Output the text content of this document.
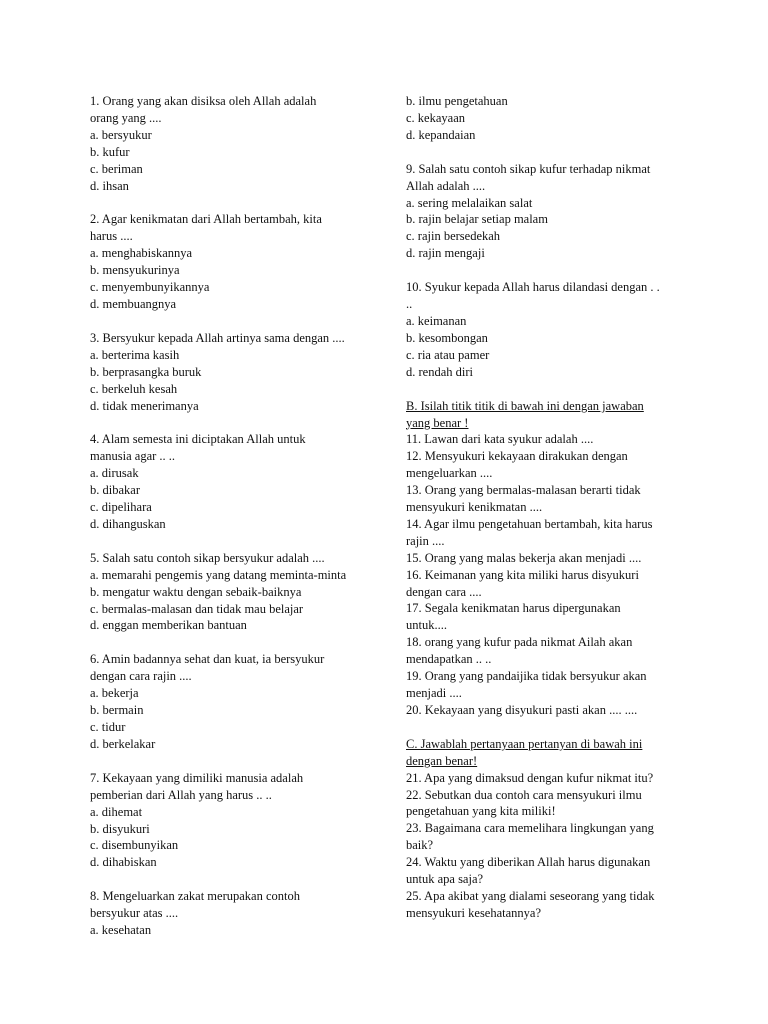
1. Orang yang akan disiksa oleh Allah adalah
orang yang ....
a. bersyukur
b. kufur
c. beriman
d. ihsan
2. Agar kenikmatan dari Allah bertambah, kita
harus ....
a. menghabiskannya
b. mensyukurinya
c. menyembunyikannya
d. membuangnya
3. Bersyukur kepada Allah artinya sama dengan ....
a. berterima kasih
b. berprasangka buruk
c. berkeluh kesah
d. tidak menerimanya
4. Alam semesta ini diciptakan Allah untuk
manusia agar .. ..
a. dirusak
b. dibakar
c. dipelihara
d. dihanguskan
5. Salah satu contoh sikap bersyukur adalah ....
a. memarahi pengemis yang datang meminta-minta
b. mengatur waktu dengan sebaik-baiknya
c. bermalas-malasan dan tidak mau belajar
d. enggan memberikan bantuan
6. Amin badannya sehat dan kuat, ia bersyukur
dengan cara rajin ....
a. bekerja
b. bermain
c. tidur
d. berkelakar
7. Kekayaan yang dimiliki manusia adalah
pemberian dari Allah yang harus .. ..
a. dihemat
b. disyukuri
c. disembunyikan
d. dihabiskan
8. Mengeluarkan zakat merupakan contoh
bersyukur atas ....
a. kesehatan
b. ilmu pengetahuan
c. kekayaan
d. kepandaian
9. Salah satu contoh sikap kufur terhadap nikmat
Allah adalah ....
a. sering melalaikan salat
b. rajin belajar setiap malam
c. rajin bersedekah
d. rajin mengaji
10. Syukur kepada Allah harus dilandasi dengan . .
..
a. keimanan
b. kesombongan
c. ria atau pamer
d. rendah diri
B. Isilah titik titik di bawah ini dengan jawaban
yang benar !
11. Lawan dari kata syukur adalah ....
12. Mensyukuri kekayaan dirakukan dengan
mengeluarkan ....
13. Orang yang bermalas-malasan berarti tidak
mensyukuri kenikmatan ....
14. Agar ilmu pengetahuan bertambah, kita harus
rajin ....
15. Orang yang malas bekerja akan menjadi ....
16. Keimanan yang kita miliki harus disyukuri
dengan cara ....
17. Segala kenikmatan harus dipergunakan
untuk....
18. orang yang kufur pada nikmat Ailah akan
mendapatkan .. ..
19. Orang yang pandaijika tidak bersyukur akan
menjadi ....
20. Kekayaan yang disyukuri pasti akan .... ....
C. Jawablah pertanyaan pertanyan di bawah ini
dengan benar!
21. Apa yang dimaksud dengan kufur nikmat itu?
22. Sebutkan dua contoh cara mensyukuri ilmu
pengetahuan yang kita miliki!
23. Bagaimana cara memelihara lingkungan yang
baik?
24. Waktu yang diberikan Allah harus digunakan
untuk apa saja?
25. Apa akibat yang dialami seseorang yang tidak
mensyukuri kesehatannya?
